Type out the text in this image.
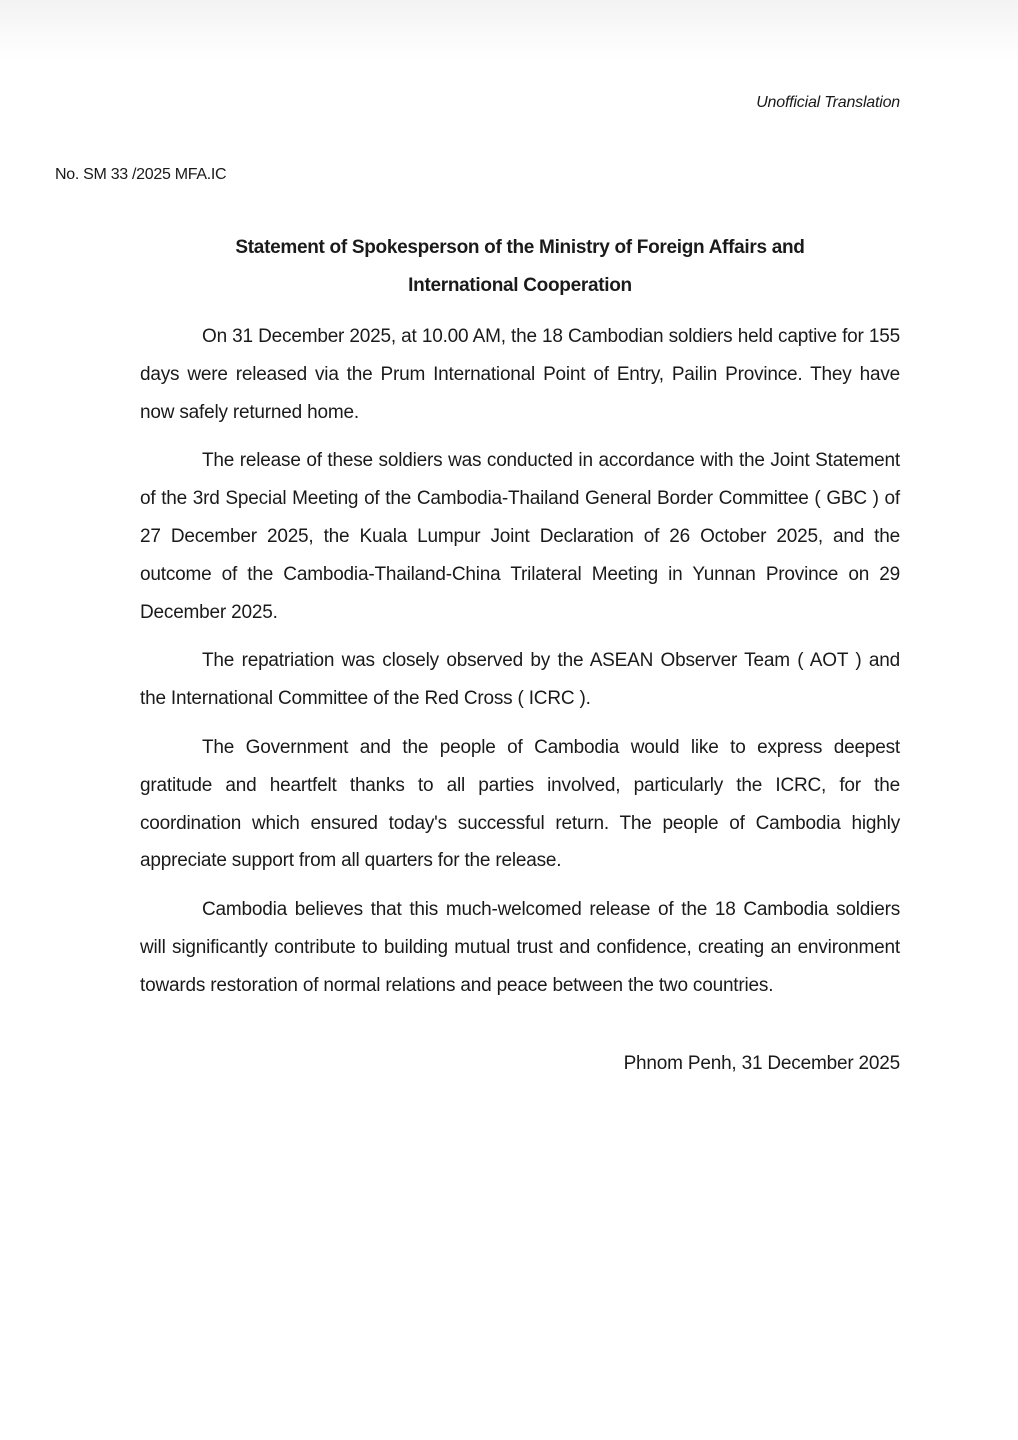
Unofficial Translation
No. SM 33 /2025 MFA.IC
Statement of Spokesperson of the Ministry of Foreign Affairs and
International Cooperation

On 31 December 2025, at 10.00 AM, the 18 Cambodian soldiers held captive for 155 days were released via the Prum International Point of Entry, Pailin Province. They have now safely returned home.

The release of these soldiers was conducted in accordance with the Joint Statement of the 3rd Special Meeting of the Cambodia-Thailand General Border Committee ( GBC ) of 27 December 2025, the Kuala Lumpur Joint Declaration of 26 October 2025, and the outcome of the Cambodia-Thailand-China Trilateral Meeting in Yunnan Province on 29 December 2025.

The repatriation was closely observed by the ASEAN Observer Team ( AOT ) and the International Committee of the Red Cross ( ICRC ).

The Government and the people of Cambodia would like to express deepest gratitude and heartfelt thanks to all parties involved, particularly the ICRC, for the coordination which ensured today's successful return. The people of Cambodia highly appreciate support from all quarters for the release.

Cambodia believes that this much-welcomed release of the 18 Cambodia soldiers will significantly contribute to building mutual trust and confidence, creating an environment towards restoration of normal relations and peace between the two countries.

Phnom Penh, 31 December 2025
